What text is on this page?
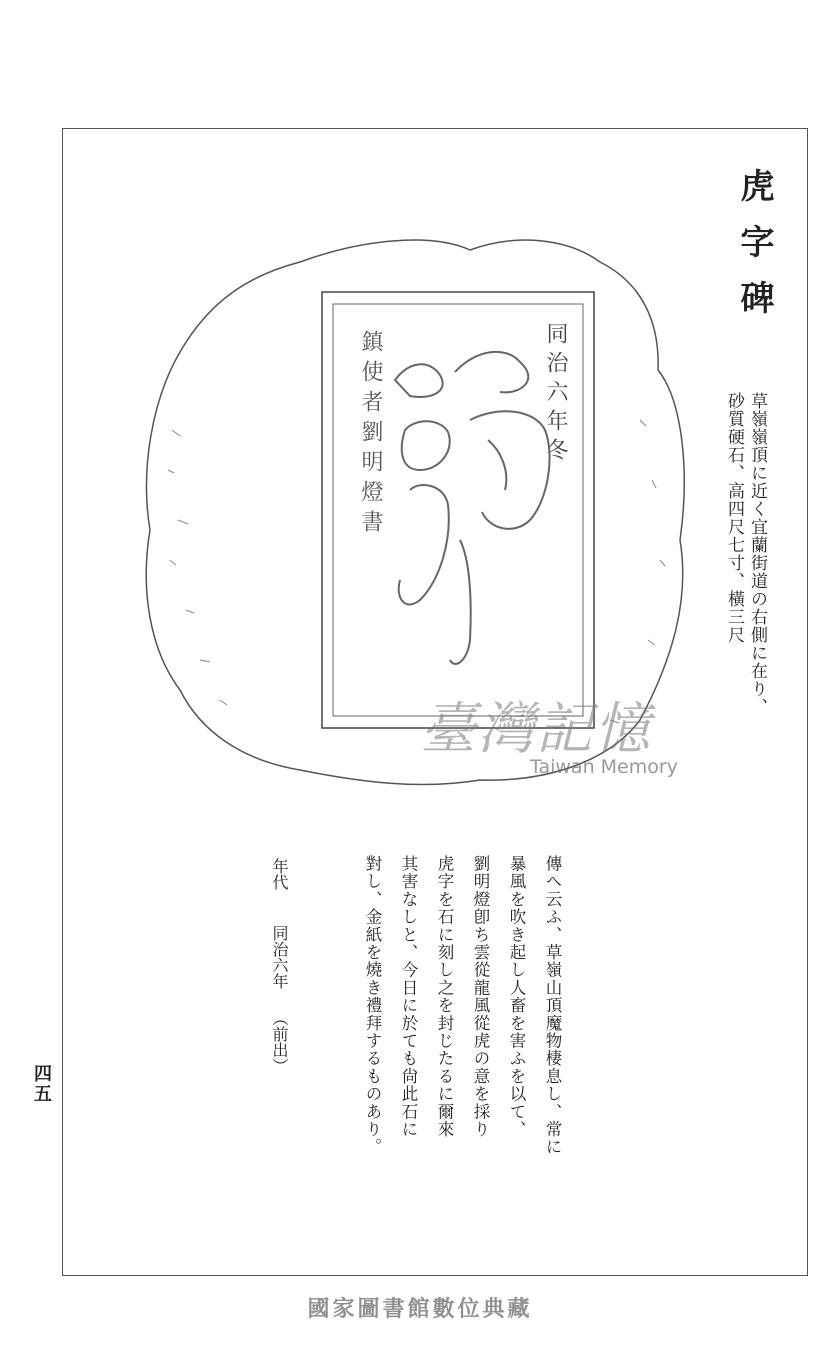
同治六年冬
鎮使者劉明燈書
臺灣記憶
Taiwan Memory
虎字碑
草嶺嶺頂に近く宜蘭街道の右側に在り、
砂質硬石、高四尺七寸、橫三尺
傳へ云ふ、草嶺山頂魔物棲息し、常に
暴風を吹き起し人畜を害ふを以て、
劉明燈卽ち雲從龍風從虎の意を採り
虎字を石に刻し之を封じたるに爾來
其害なしと、今日に於ても尙此石に
對し、金紙を燒き禮拜するものあり。
年代
同治六年
（前出）
四五
國家圖書館數位典藏
